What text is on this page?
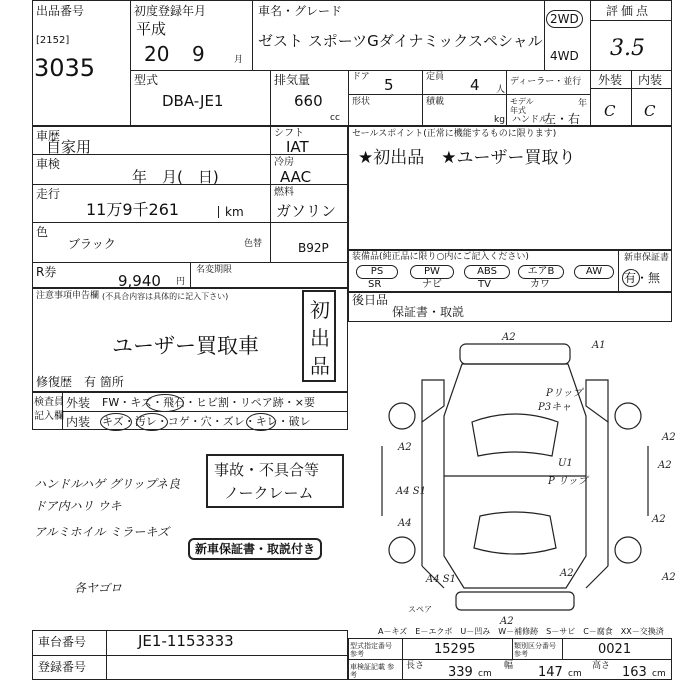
出品番号
[2152]
3035
初度登録年月
平成
20 9	月
車名・グレード
ゼスト スポーツGダイナミックスペシャル
2WD
4WD
評価点
3.5
外装 内装
C C
型式
DBA-JE1
排気量
660
cc
ドア 5	定員 4 人
ディーラー・並行
形状	積載
kg
モデル年式
年
ハンドル
左・右
車歴
自家用
車検
年　月(　日)
走行
11万9千261	km
色
ブラック	色替	B92P
シフト
IAT
冷房
AAC
燃料
ガソリン
R券	9,940 円
名変期限
セールスポイント(正常に機能するものに限ります)
★初出品　★ユーザー買取り
装備品(純正品に限り○内にご記入ください)
PS	PW	ABS	エアB	AW
SR	ナビ	TV	カワ
新車保証書
有・無
後日品
保証書・取説
注意事項申告欄 (不具合内容は具体的に記入下さい)
ユーザー買取車
初出品
修復歴 有 箇所
検査員
記入欄
外装 FW・キズ・飛石・ヒビ割・リペア跡・×要
内装 キズ・汚レ・コゲ・穴・ズレ・キレ・破レ
ハンドルハゲ グリップネ良
ドア内ハリ ウキ
アルミホイル ミラーキズ
各ヤゴロ
事故・不具合等
ノークレーム
新車保証書・取説付き
A2
A1
A2
A2
A2
A2
A2
A4 S1
A4
A4 S1	A2
A2
P3キャ
Pリップ
P リップ
U1
スペア
A－キズ　E－エクボ　U－凹み　W－補修跡　S－サビ　C－腐食　XX－交換済
車台番号	JE1-1153333
登録番号
型式指定番号 参考	15295	類別区分番号 参考	0021
車検証記載 参考
長さ 339 cm
幅 147 cm
高さ 163 cm
